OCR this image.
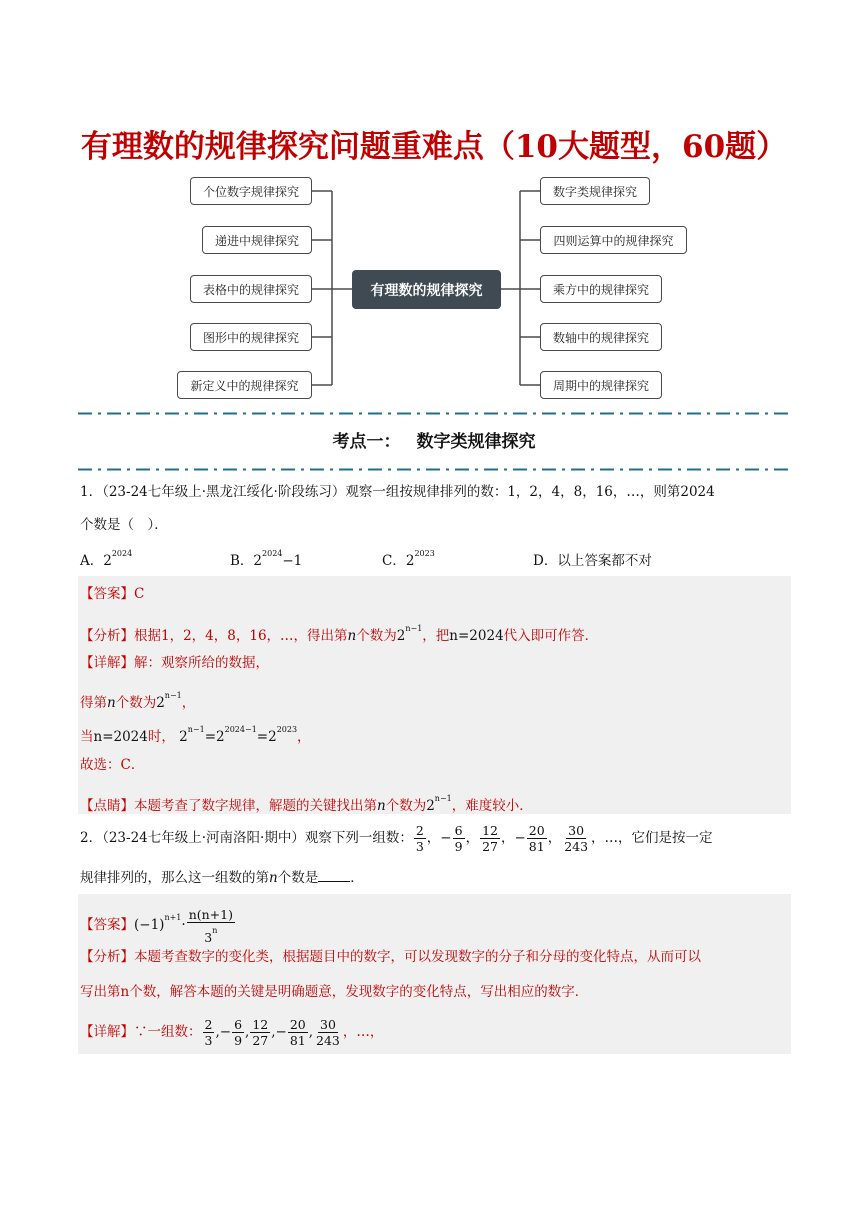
有理数的规律探究问题重难点（10大题型，60题）
个位数字规律探究
递进中规律探究
表格中的规律探究
图形中的规律探究
新定义中的规律探究
有理数的规律探究
数字类规律探究
四则运算中的规律探究
乘方中的规律探究
数轴中的规律探究
周期中的规律探究
考点一： 数字类规律探究
1．（23-24七年级上·黑龙江绥化·阶段练习）观察一组按规律排列的数：1，2，4，8，16，…，则第2024
个数是（　）．
A．$2^{2024}$	B．$2^{2024}-1$	C．$2^{2023}$	D．以上答案都不对
【答案】C
【分析】根据1，2，4，8，16，…，得出第n个数为$2^{n-1}$，把n=2024代入即可作答．
【详解】解：观察所给的数据，
得第n个数为$2^{n-1}$，
当n=2024时， $2^{n-1}=2^{2024-1}=2^{2023}$，
故选：C．
【点睛】本题考查了数字规律，解题的关键找出第n个数为$2^{n-1}$，难度较小．
2．（23-24七年级上·河南洛阳·期中）观察下列一组数： $\frac{2}{3}$ ，− $\frac{6}{9}$ ， $\frac{12}{27}$ ，− $\frac{20}{81}$ ， $\frac{30}{243}$ ，…，它们是按一定
规律排列的，那么这一组数的第n个数是 ．
【答案】$(-1)^{n+1}\cdot \frac{n(n+1)}{3^n}$
【分析】本题考查数字的变化类，根据题目中的数字，可以发现数字的分子和分母的变化特点，从而可以
写出第n个数，解答本题的关键是明确题意，发现数字的变化特点，写出相应的数字．
【详解】∵一组数： $\frac{2}{3}$ ,− $\frac{6}{9}$ , $\frac{12}{27}$ ,− $\frac{20}{81}$ , $\frac{30}{243}$ ，…，
